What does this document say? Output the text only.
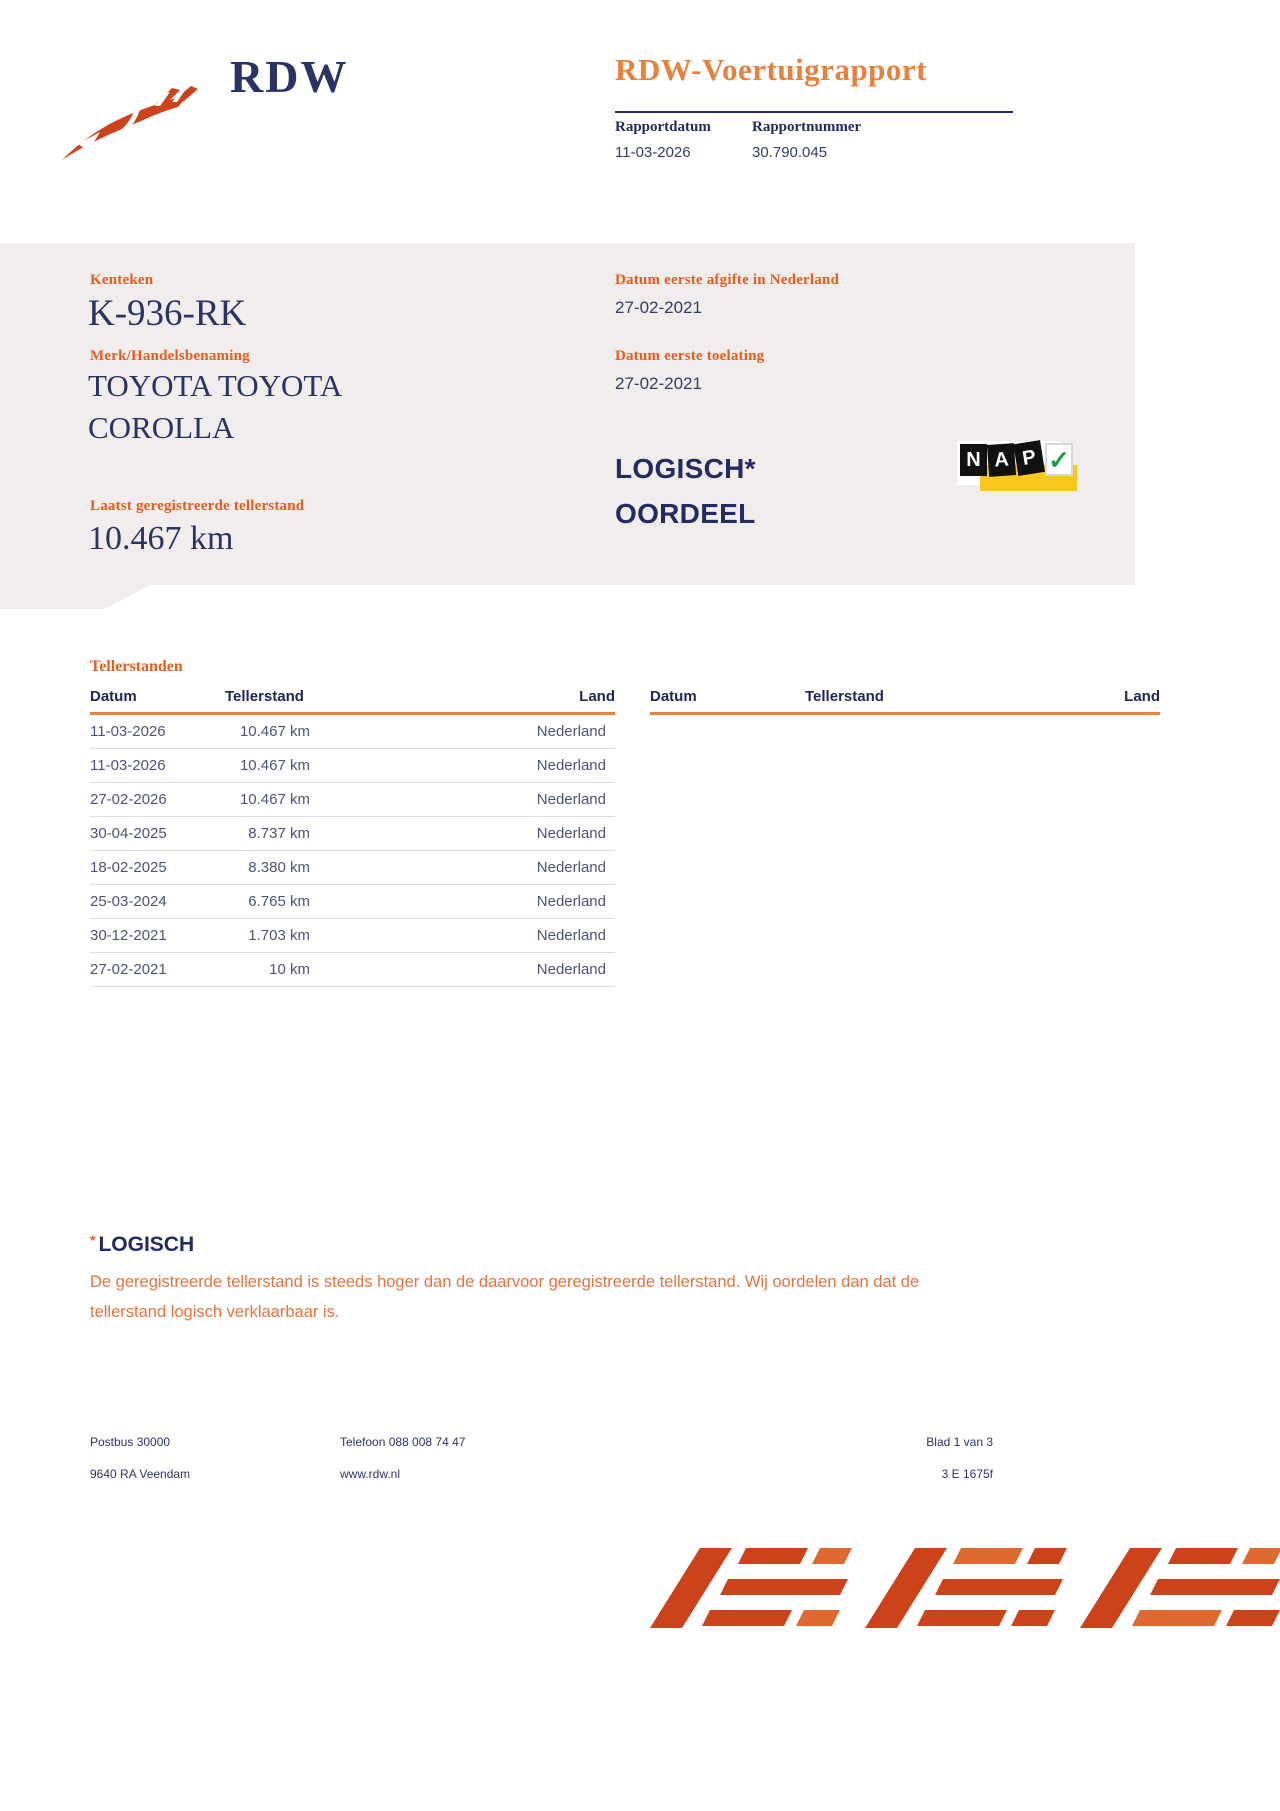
RDW	RDW-Voertuigrapport
Rapportdatum	Rapportnummer
11-03-2026	30.790.045
Kenteken
K-936-RK
Merk/Handelsbenaming
TOYOTA TOYOTA
COROLLA
Laatst geregistreerde tellerstand
10.467 km
Datum eerste afgifte in Nederland
27-02-2021
Datum eerste toelating
27-02-2021
LOGISCH*
OORDEEL
N A P ✓
Tellerstanden
Datum	Tellerstand	Land
11-03-2026	10.467 km	Nederland
11-03-2026	10.467 km	Nederland
27-02-2026	10.467 km	Nederland
30-04-2025	8.737 km	Nederland
18-02-2025	8.380 km	Nederland
25-03-2024	6.765 km	Nederland
30-12-2021	1.703 km	Nederland
27-02-2021	10 km	Nederland
Datum	Tellerstand	Land
* LOGISCH
De geregistreerde tellerstand is steeds hoger dan de daarvoor geregistreerde tellerstand. Wij oordelen dan dat de tellerstand logisch verklaarbaar is.
Postbus 30000	Telefoon 088 008 74 47	Blad 1 van 3
9640 RA Veendam	www.rdw.nl	3 E 1675f
